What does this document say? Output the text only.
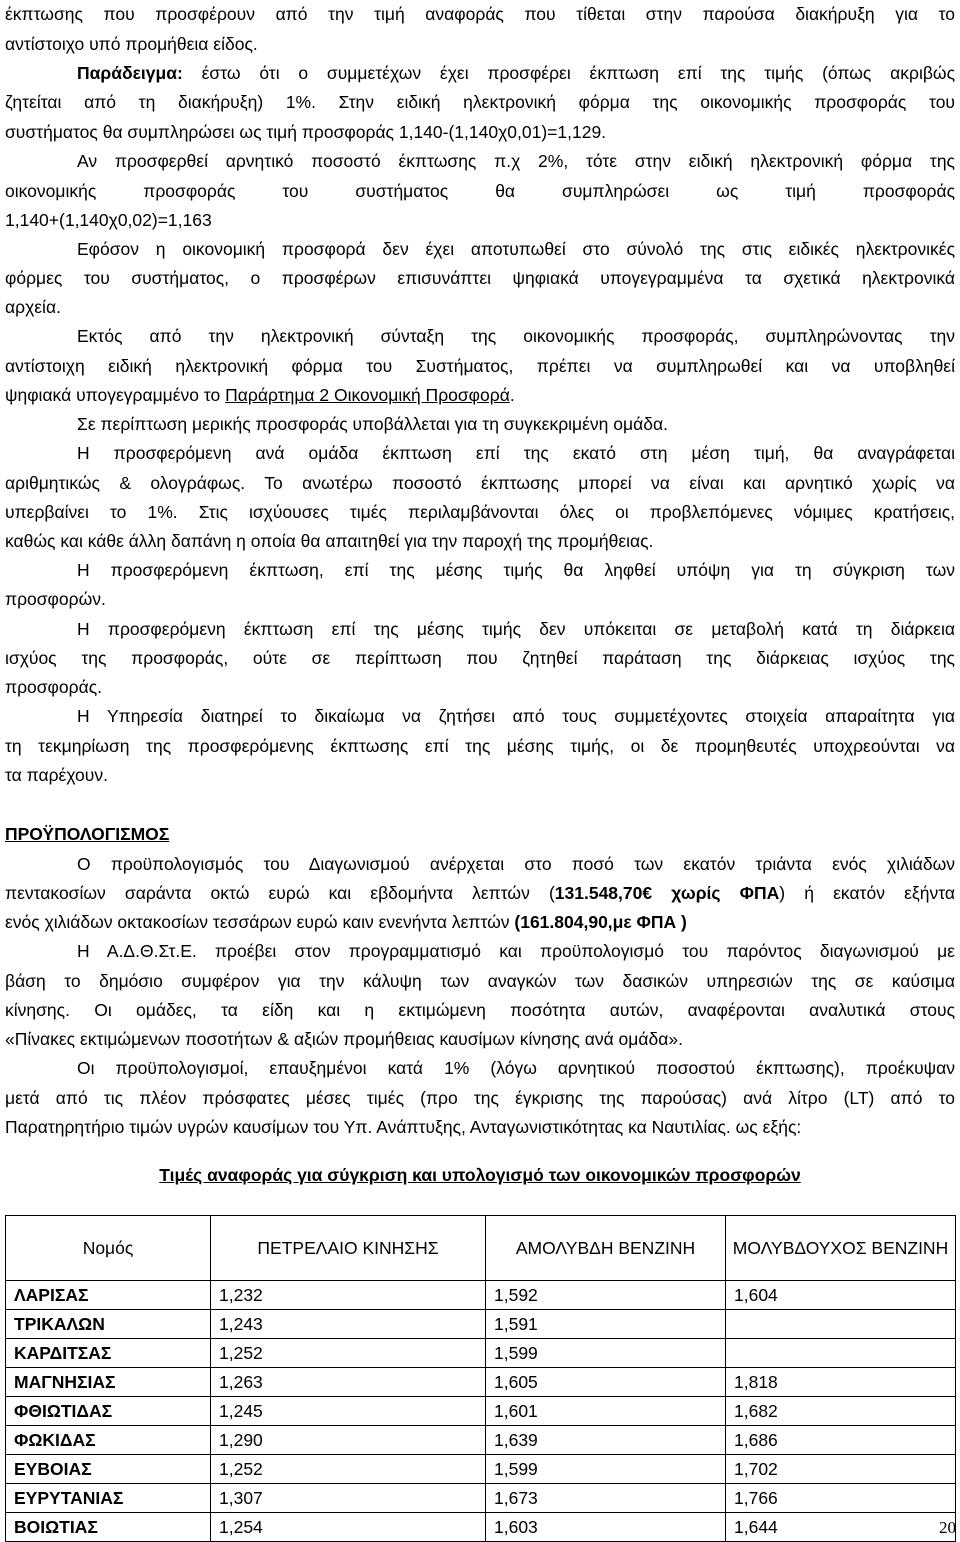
έκπτωσης που προσφέρουν από την τιμή αναφοράς που τίθεται στην παρούσα διακήρυξη για το
αντίστοιχο υπό προμήθεια είδος.
Παράδειγμα: έστω ότι ο συμμετέχων έχει προσφέρει έκπτωση επί της τιμής (όπως ακριβώς
ζητείται από τη διακήρυξη) 1%. Στην ειδική ηλεκτρονική φόρμα της οικονομικής προσφοράς του
συστήματος θα συμπληρώσει ως τιμή προσφοράς 1,140-(1,140χ0,01)=1,129.
Αν προσφερθεί αρνητικό ποσοστό έκπτωσης π.χ 2%, τότε στην ειδική ηλεκτρονική φόρμα της
οικονομικής προσφοράς του συστήματος θα συμπληρώσει ως τιμή προσφοράς
1,140+(1,140χ0,02)=1,163
Εφόσον η οικονομική προσφορά δεν έχει αποτυπωθεί στο σύνολό της στις ειδικές ηλεκτρονικές
φόρμες του συστήματος, ο προσφέρων επισυνάπτει ψηφιακά υπογεγραμμένα τα σχετικά ηλεκτρονικά
αρχεία.
Εκτός από την ηλεκτρονική σύνταξη της οικονομικής προσφοράς, συμπληρώνοντας την
αντίστοιχη ειδική ηλεκτρονική φόρμα του Συστήματος, πρέπει να συμπληρωθεί και να υποβληθεί
ψηφιακά υπογεγραμμένο το Παράρτημα 2 Οικονομική Προσφορά.
Σε περίπτωση μερικής προσφοράς υποβάλλεται για τη συγκεκριμένη ομάδα.
Η προσφερόμενη ανά ομάδα έκπτωση επί της εκατό στη μέση τιμή, θα αναγράφεται
αριθμητικώς & ολογράφως. Το ανωτέρω ποσοστό έκπτωσης μπορεί να είναι και αρνητικό χωρίς να
υπερβαίνει το 1%. Στις ισχύουσες τιμές περιλαμβάνονται όλες οι προβλεπόμενες νόμιμες κρατήσεις,
καθώς και κάθε άλλη δαπάνη η οποία θα απαιτηθεί για την παροχή της προμήθειας.
Η προσφερόμενη έκπτωση, επί της μέσης τιμής θα ληφθεί υπόψη για τη σύγκριση των
προσφορών.
Η προσφερόμενη έκπτωση επί της μέσης τιμής δεν υπόκειται σε μεταβολή κατά τη διάρκεια
ισχύος της προσφοράς, ούτε σε περίπτωση που ζητηθεί παράταση της διάρκειας ισχύος της
προσφοράς.
Η Υπηρεσία διατηρεί το δικαίωμα να ζητήσει από τους συμμετέχοντες στοιχεία απαραίτητα για
τη τεκμηρίωση της προσφερόμενης έκπτωσης επί της μέσης τιμής, οι δε προμηθευτές υποχρεούνται να
τα παρέχουν.
ΠΡΟΫΠΟΛΟΓΙΣΜΟΣ
Ο προϋπολογισμός του Διαγωνισμού ανέρχεται στο ποσό των εκατόν τριάντα ενός χιλιάδων
πεντακοσίων σαράντα οκτώ ευρώ και εβδομήντα λεπτών (131.548,70€ χωρίς ΦΠΑ) ή εκατόν εξήντα
ενός χιλιάδων οκτακοσίων τεσσάρων ευρώ καιν ενενήντα λεπτών (161.804,90,με ΦΠΑ )
Η Α.Δ.Θ.Στ.Ε. προέβει στον προγραμματισμό και προϋπολογισμό του παρόντος διαγωνισμού με
βάση το δημόσιο συμφέρον για την κάλυψη των αναγκών των δασικών υπηρεσιών της σε καύσιμα
κίνησης. Οι ομάδες, τα είδη και η εκτιμώμενη ποσότητα αυτών, αναφέρονται αναλυτικά στους
«Πίνακες εκτιμώμενων ποσοτήτων & αξιών προμήθειας καυσίμων κίνησης ανά ομάδα».
Οι προϋπολογισμοί, επαυξημένοι κατά 1% (λόγω αρνητικού ποσοστού έκπτωσης), προέκυψαν
μετά από τις πλέον πρόσφατες μέσες τιμές (προ της έγκρισης της παρούσας) ανά λίτρο (LT) από το
Παρατηρητήριο τιμών υγρών καυσίμων του Υπ. Ανάπτυξης, Ανταγωνιστικότητας κα Ναυτιλίας. ως εξής:
Τιμές αναφοράς για σύγκριση και υπολογισμό των οικονομικών προσφορών
Νομός	ΠΕΤΡΕΛΑΙΟ ΚΙΝΗΣΗΣ	ΑΜΟΛΥΒΔΗ ΒΕΝΖΙΝΗ	ΜΟΛΥΒΔΟΥΧΟΣ ΒΕΝΖΙΝΗ
ΛΑΡΙΣΑΣ	1,232	1,592	1,604
ΤΡΙΚΑΛΩΝ	1,243	1,591	
ΚΑΡΔΙΤΣΑΣ	1,252	1,599	
ΜΑΓΝΗΣΙΑΣ	1,263	1,605	1,818
ΦΘΙΩΤΙΔΑΣ	1,245	1,601	1,682
ΦΩΚΙΔΑΣ	1,290	1,639	1,686
ΕΥΒΟΙΑΣ	1,252	1,599	1,702
ΕΥΡΥΤΑΝΙΑΣ	1,307	1,673	1,766
ΒΟΙΩΤΙΑΣ	1,254	1,603	1,644	20
